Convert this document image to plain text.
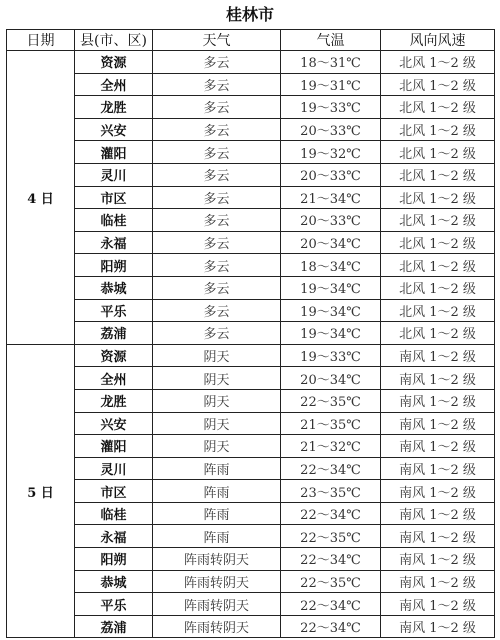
桂林市
日期	县(市、区)	天气	气温	风向风速
4 日	资源	多云	18～31℃	北风 1～2 级
	全州	多云	19～31℃	北风 1～2 级
	龙胜	多云	19～33℃	北风 1～2 级
	兴安	多云	20～33℃	北风 1～2 级
	灌阳	多云	19～32℃	北风 1～2 级
	灵川	多云	20～33℃	北风 1～2 级
	市区	多云	21～34℃	北风 1～2 级
	临桂	多云	20～33℃	北风 1～2 级
	永福	多云	20～34℃	北风 1～2 级
	阳朔	多云	18～34℃	北风 1～2 级
	恭城	多云	19～34℃	北风 1～2 级
	平乐	多云	19～34℃	北风 1～2 级
	荔浦	多云	19～34℃	北风 1～2 级
5 日	资源	阴天	19～33℃	南风 1～2 级
	全州	阴天	20～34℃	南风 1～2 级
	龙胜	阴天	22～35℃	南风 1～2 级
	兴安	阴天	21～35℃	南风 1～2 级
	灌阳	阴天	21～32℃	南风 1～2 级
	灵川	阵雨	22～34℃	南风 1～2 级
	市区	阵雨	23～35℃	南风 1～2 级
	临桂	阵雨	22～34℃	南风 1～2 级
	永福	阵雨	22～35℃	南风 1～2 级
	阳朔	阵雨转阴天	22～34℃	南风 1～2 级
	恭城	阵雨转阴天	22～35℃	南风 1～2 级
	平乐	阵雨转阴天	22～34℃	南风 1～2 级
	荔浦	阵雨转阴天	22～34℃	南风 1～2 级
